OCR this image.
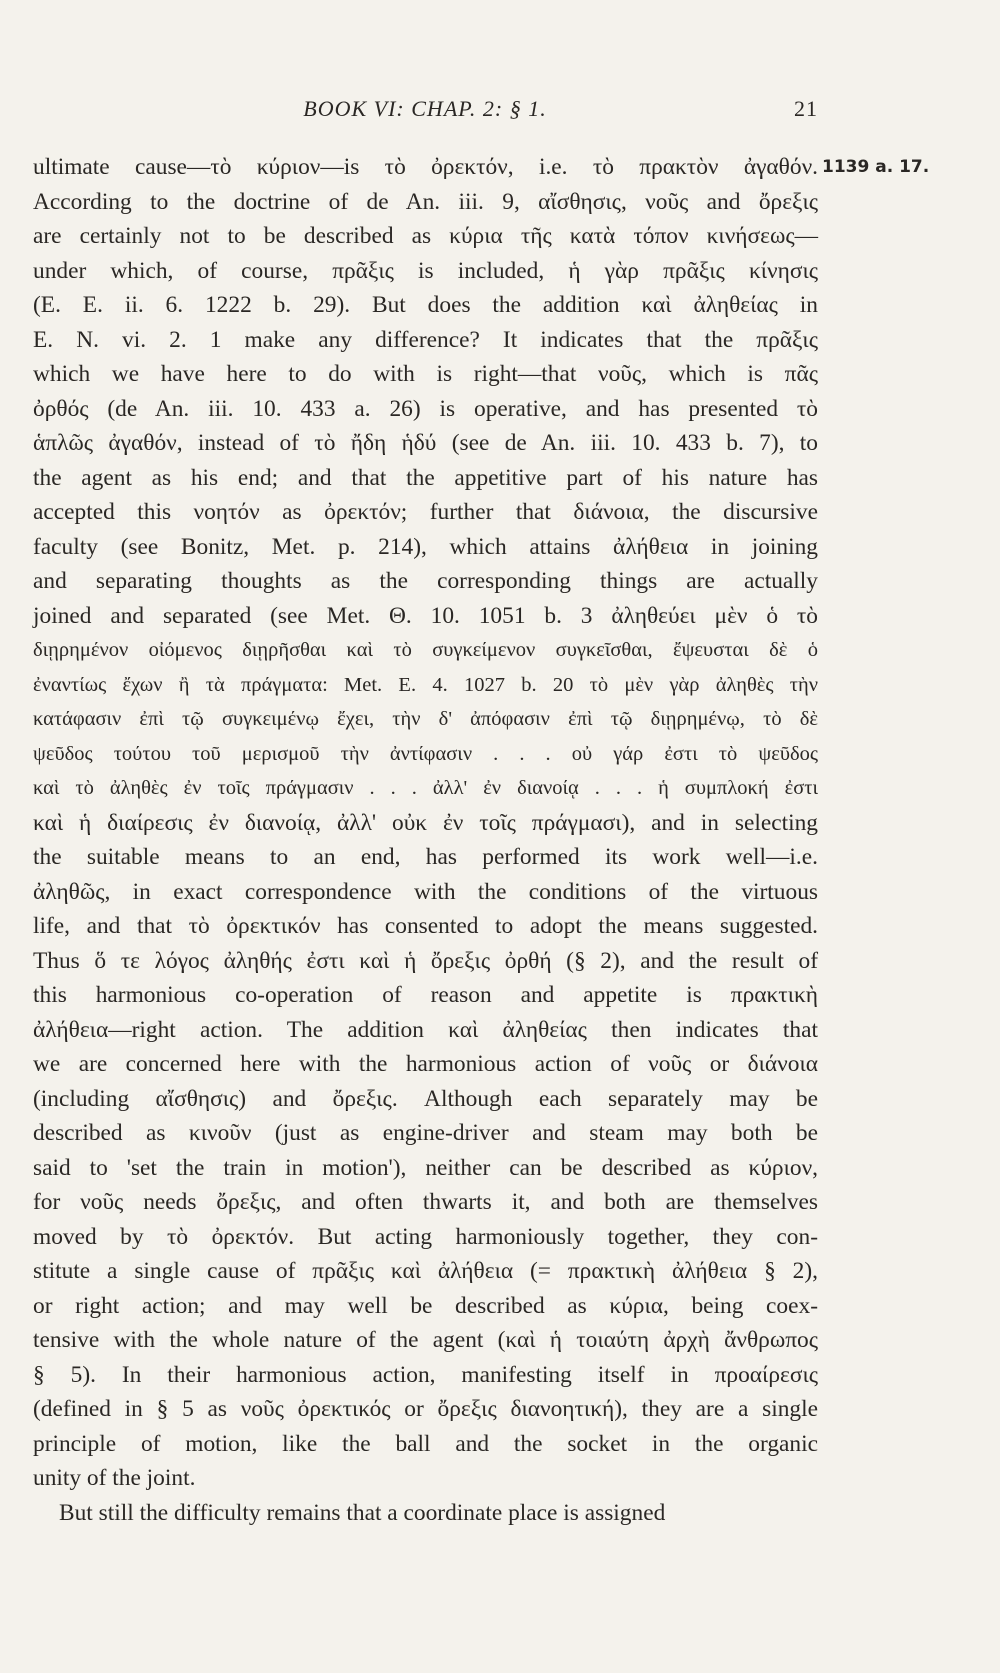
BOOK VI: CHAP. 2: § 1.	21
1139 a. 17.
ultimate cause—τὸ κύριον—is τὸ ὀρεκτόν, i.e. τὸ πρακτὸν ἀγαθόν.
According to the doctrine of de An. iii. 9, αἴσθησις, νοῦς and ὄρεξις
are certainly not to be described as κύρια τῆς κατὰ τόπον κινήσεως—
under which, of course, πρᾶξις is included, ἡ γὰρ πρᾶξις κίνησις
(E. E. ii. 6. 1222 b. 29). But does the addition καὶ ἀληθείας in
E. N. vi. 2. 1 make any difference? It indicates that the πρᾶξις
which we have here to do with is right—that νοῦς, which is πᾶς
ὀρθός (de An. iii. 10. 433 a. 26) is operative, and has presented τὸ
ἁπλῶς ἀγαθόν, instead of τὸ ἤδη ἡδύ (see de An. iii. 10. 433 b. 7), to
the agent as his end; and that the appetitive part of his nature has
accepted this νοητόν as ὀρεκτόν; further that διάνοια, the discursive
faculty (see Bonitz, Met. p. 214), which attains ἀλήθεια in joining
and separating thoughts as the corresponding things are actually
joined and separated (see Met. Θ. 10. 1051 b. 3 ἀληθεύει μὲν ὁ τὸ
διῃρημένον οἰόμενος διῃρῆσθαι καὶ τὸ συγκείμενον συγκεῖσθαι, ἔψευσται δὲ ὁ
ἐναντίως ἔχων ἢ τὰ πράγματα: Met. E. 4. 1027 b. 20 τὸ μὲν γὰρ ἀληθὲς τὴν
κατάφασιν ἐπὶ τῷ συγκειμένῳ ἔχει, τὴν δ' ἀπόφασιν ἐπὶ τῷ διῃρημένῳ, τὸ δὲ
ψεῦδος τούτου τοῦ μερισμοῦ τὴν ἀντίφασιν . . . οὐ γάρ ἐστι τὸ ψεῦδος
καὶ τὸ ἀληθὲς ἐν τοῖς πράγμασιν . . . ἀλλ' ἐν διανοίᾳ . . . ἡ συμπλοκή ἐστι
καὶ ἡ διαίρεσις ἐν διανοίᾳ, ἀλλ' οὐκ ἐν τοῖς πράγμασι), and in selecting
the suitable means to an end, has performed its work well—i.e.
ἀληθῶς, in exact correspondence with the conditions of the virtuous
life, and that τὸ ὀρεκτικόν has consented to adopt the means suggested.
Thus ὅ τε λόγος ἀληθής ἐστι καὶ ἡ ὄρεξις ὀρθή (§ 2), and the result of
this harmonious co-operation of reason and appetite is πρακτικὴ
ἀλήθεια—right action. The addition καὶ ἀληθείας then indicates that
we are concerned here with the harmonious action of νοῦς or διάνοια
(including αἴσθησις) and ὄρεξις. Although each separately may be
described as κινοῦν (just as engine-driver and steam may both be
said to 'set the train in motion'), neither can be described as κύριον,
for νοῦς needs ὄρεξις, and often thwarts it, and both are themselves
moved by τὸ ὀρεκτόν. But acting harmoniously together, they con-
stitute a single cause of πρᾶξις καὶ ἀλήθεια (= πρακτικὴ ἀλήθεια § 2),
or right action; and may well be described as κύρια, being coex-
tensive with the whole nature of the agent (καὶ ἡ τοιαύτη ἀρχὴ ἄνθρωπος
§ 5). In their harmonious action, manifesting itself in προαίρεσις
(defined in § 5 as νοῦς ὀρεκτικός or ὄρεξις διανοητική), they are a single
principle of motion, like the ball and the socket in the organic
unity of the joint.
But still the difficulty remains that a coordinate place is assigned
